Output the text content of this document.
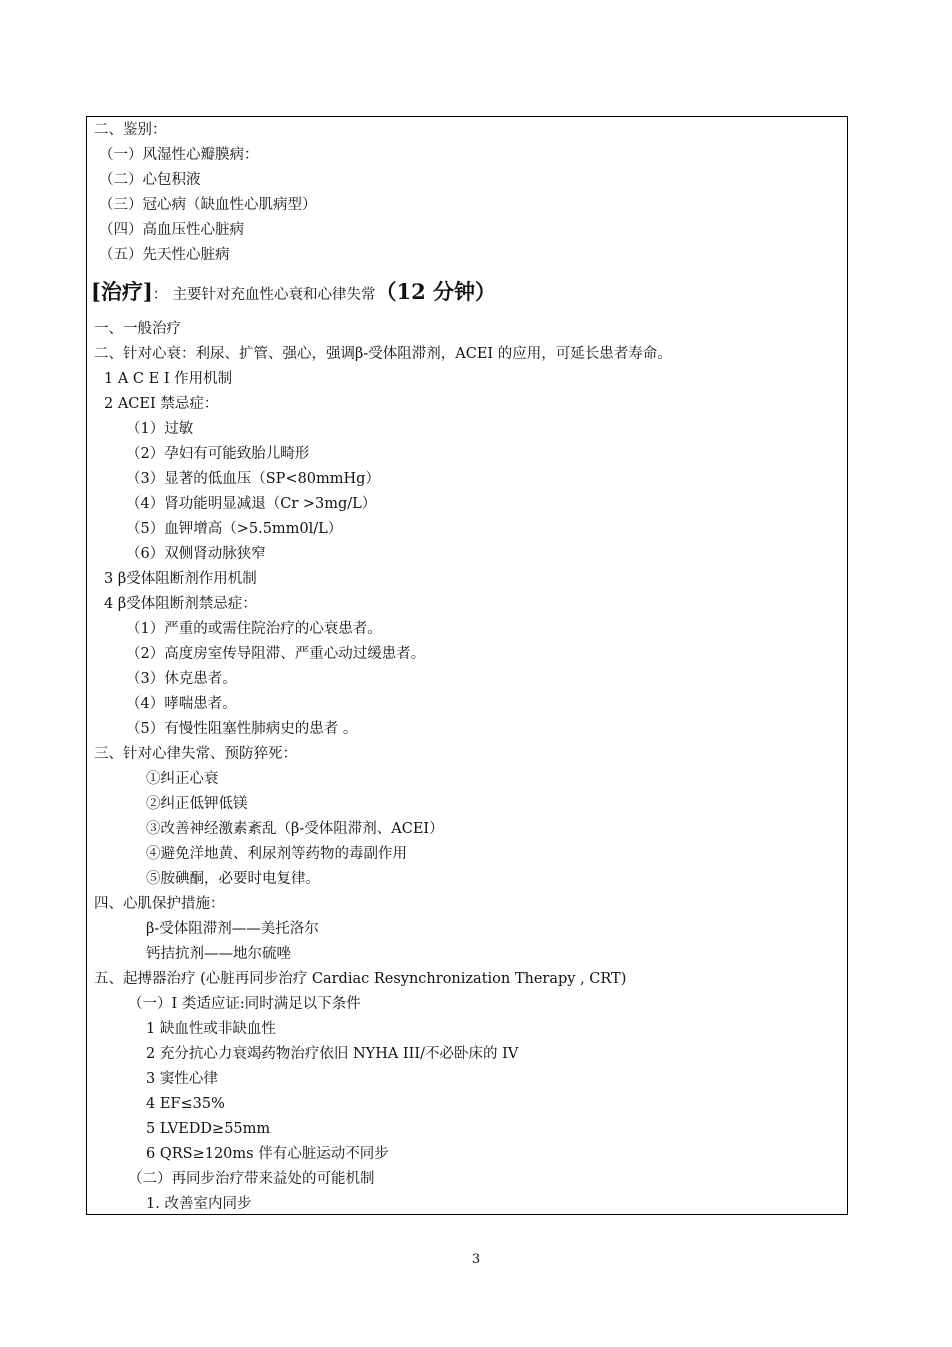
二、鉴别：
（一）风湿性心瓣膜病：
（二）心包积液
（三）冠心病（缺血性心肌病型）
（四）高血压性心脏病
（五）先天性心脏病
[治疗]： 主要针对充血性心衰和心律失常（12 分钟）
一、一般治疗
二、针对心衰：利尿、扩管、强心，强调β-受体阻滞剂，ACEI 的应用，可延长患者寿命。
1 A C E I 作用机制
2 ACEI 禁忌症：
（1）过敏
（2）孕妇有可能致胎儿畸形
（3）显著的低血压（SP<80mmHg）
（4）肾功能明显减退（Cr >3mg/L）
（5）血钾增高（>5.5mm0l/L）
（6）双侧肾动脉狭窄
3 β受体阻断剂作用机制
4 β受体阻断剂禁忌症：
（1）严重的或需住院治疗的心衰患者。
（2）高度房室传导阻滞、严重心动过缓患者。
（3）休克患者。
（4）哮喘患者。
（5）有慢性阻塞性肺病史的患者 。
三、针对心律失常、预防猝死：
①纠正心衰
②纠正低钾低镁
③改善神经激素紊乱（β-受体阻滞剂、ACEI）
④避免洋地黄、利尿剂等药物的毒副作用
⑤胺碘酮，必要时电复律。
四、心肌保护措施：
β-受体阻滞剂——美托洛尔
钙拮抗剂——地尔硫唑
五、起搏器治疗 (心脏再同步治疗 Cardiac Resynchronization Therapy , CRT)
（一）I 类适应证:同时满足以下条件
1 缺血性或非缺血性
2 充分抗心力衰竭药物治疗依旧 NYHA III/不必卧床的 IV
3 窦性心律
4 EF≤35%
5 LVEDD≥55mm
6 QRS≥120ms 伴有心脏运动不同步
（二）再同步治疗带来益处的可能机制
1. 改善室内同步
3
